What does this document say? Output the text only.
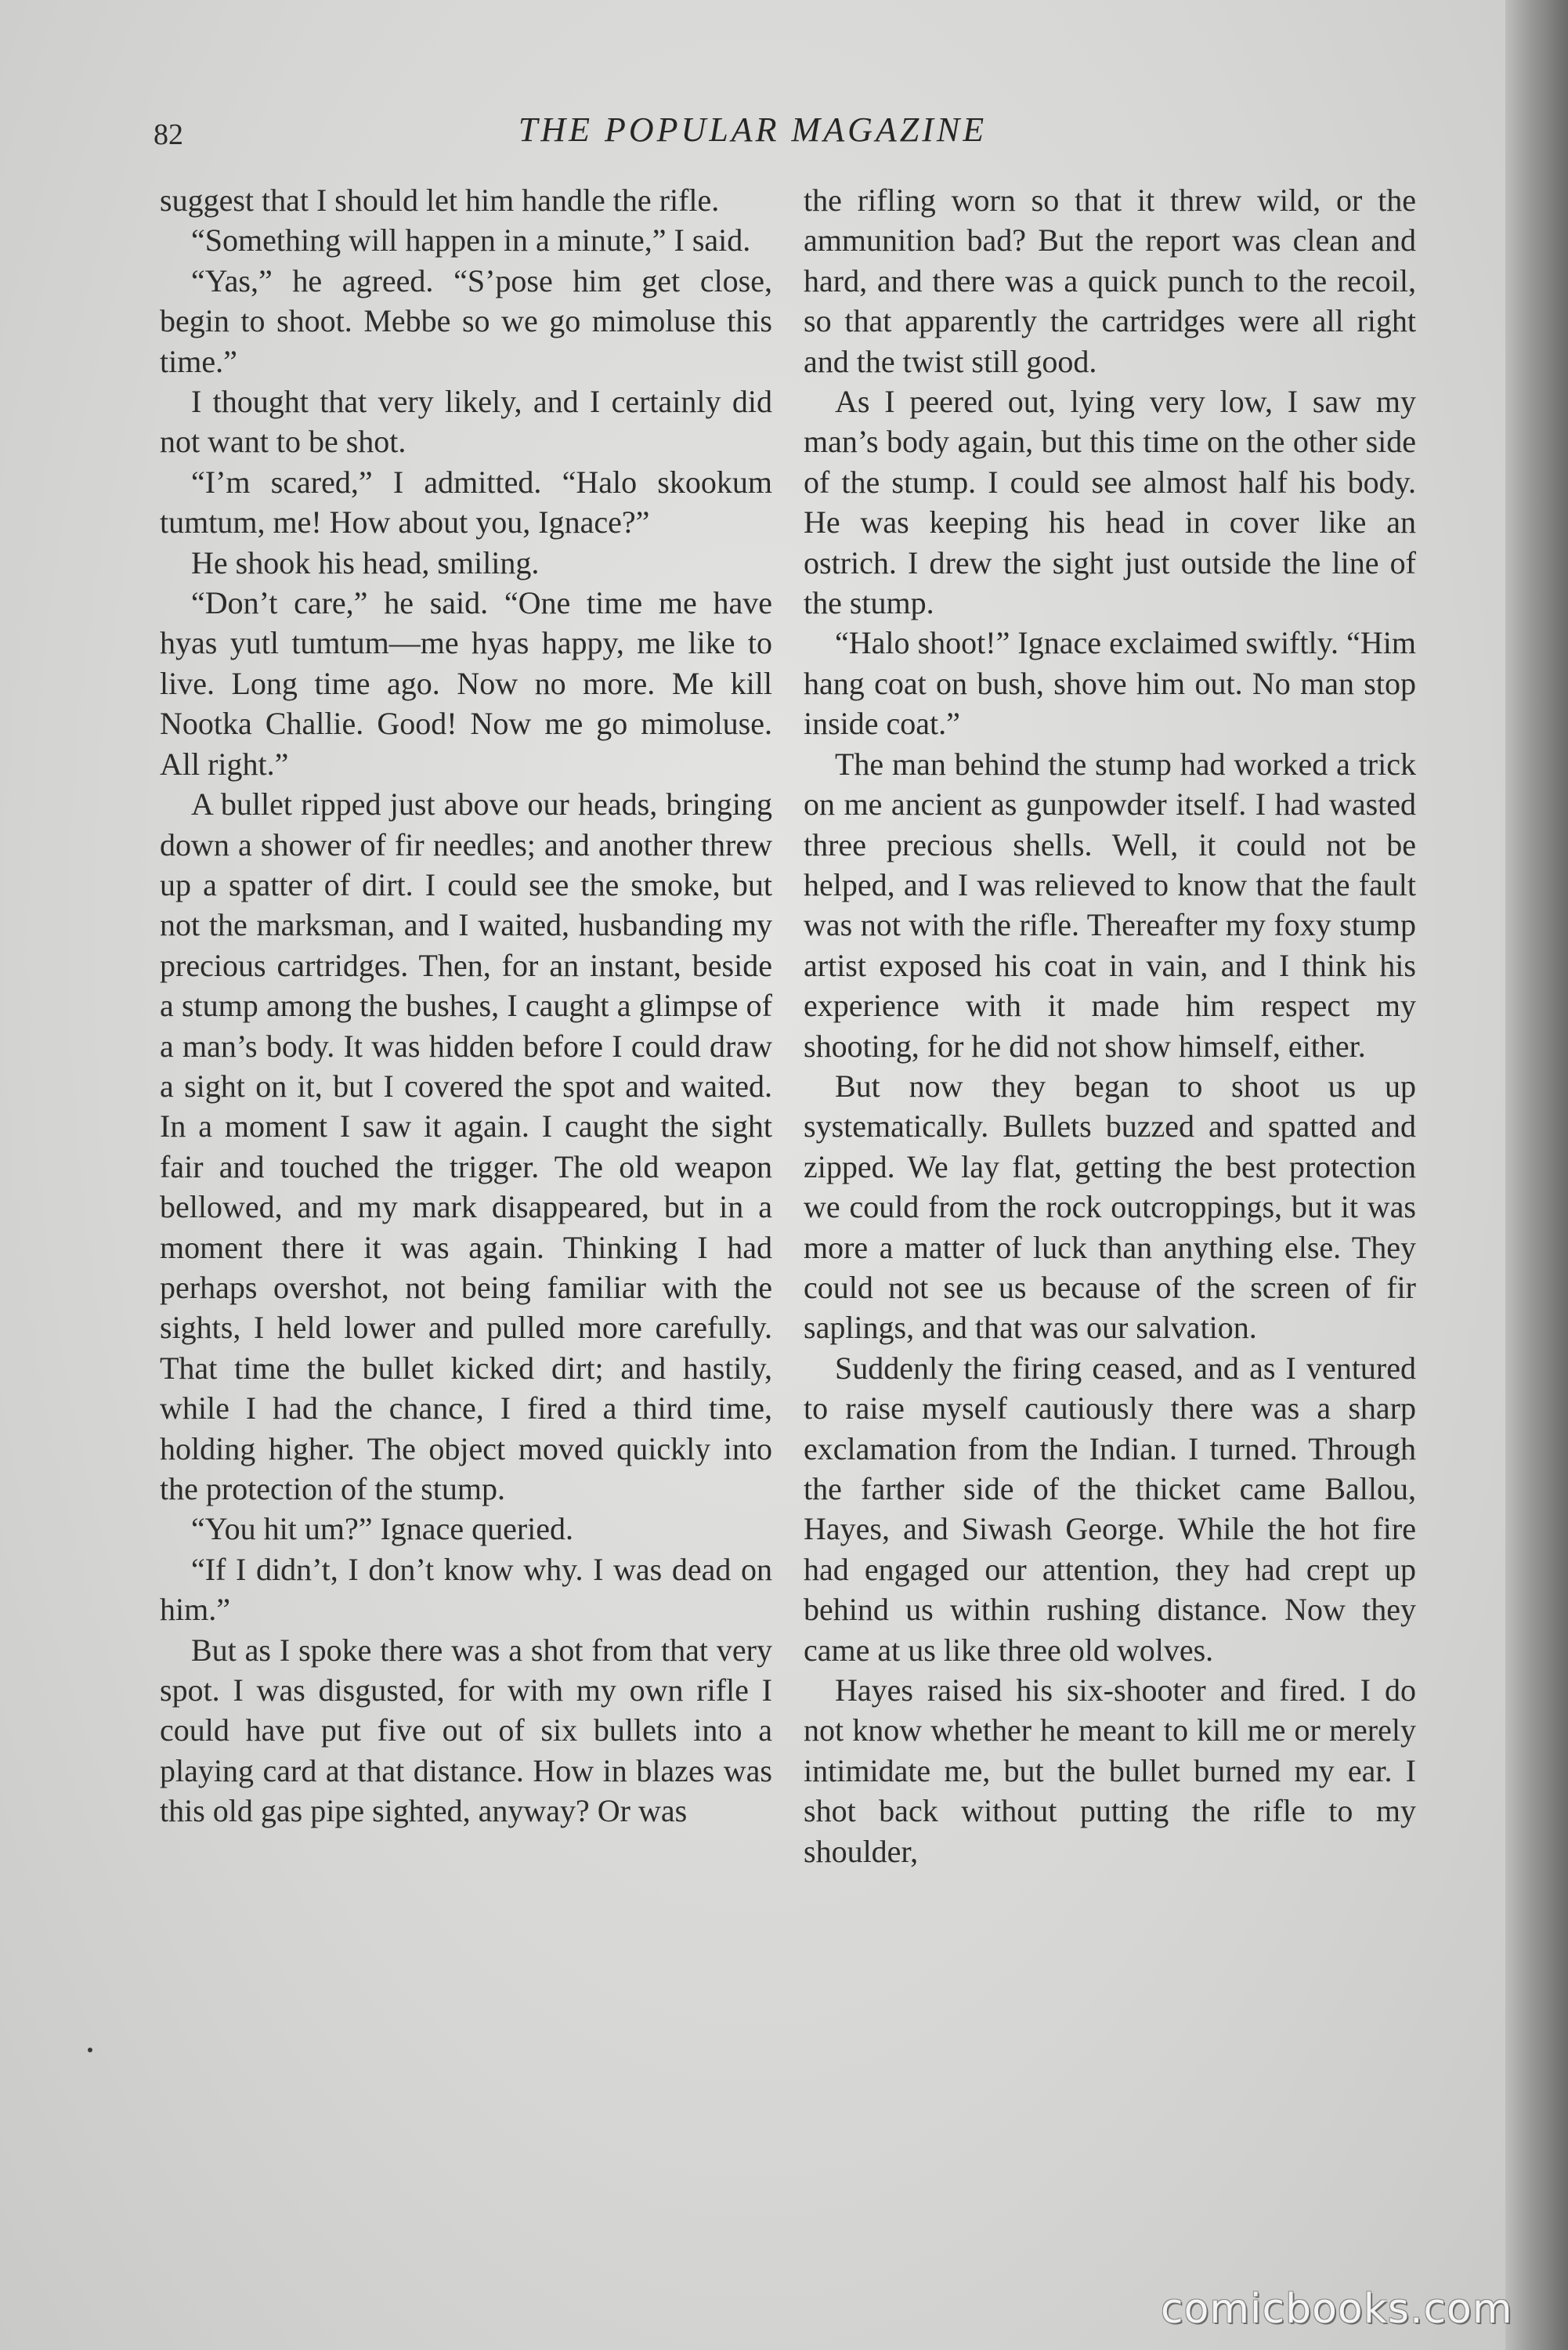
82	THE POPULAR MAGAZINE

suggest that I should let him handle the rifle.

“Something will happen in a minute,” I said.

“Yas,” he agreed. “S’pose him get close, begin to shoot. Mebbe so we go mimoluse this time.”

I thought that very likely, and I certainly did not want to be shot.

“I’m scared,” I admitted. “Halo skookum tumtum, me! How about you, Ignace?”

He shook his head, smiling.

“Don’t care,” he said. “One time me have hyas yutl tumtum—me hyas happy, me like to live. Long time ago. Now no more. Me kill Nootka Challie. Good! Now me go mimoluse. All right.”

A bullet ripped just above our heads, bringing down a shower of fir needles; and another threw up a spatter of dirt. I could see the smoke, but not the marksman, and I waited, husbanding my precious cartridges. Then, for an instant, beside a stump among the bushes, I caught a glimpse of a man’s body. It was hidden before I could draw a sight on it, but I covered the spot and waited. In a moment I saw it again. I caught the sight fair and touched the trigger. The old weapon bellowed, and my mark disappeared, but in a moment there it was again. Thinking I had perhaps overshot, not being familiar with the sights, I held lower and pulled more carefully. That time the bullet kicked dirt; and hastily, while I had the chance, I fired a third time, holding higher. The object moved quickly into the protection of the stump.

“You hit um?” Ignace queried.

“If I didn’t, I don’t know why. I was dead on him.”

But as I spoke there was a shot from that very spot. I was disgusted, for with my own rifle I could have put five out of six bullets into a playing card at that distance. How in blazes was this old gas pipe sighted, anyway? Or was

the rifling worn so that it threw wild, or the ammunition bad? But the report was clean and hard, and there was a quick punch to the recoil, so that apparently the cartridges were all right and the twist still good.

As I peered out, lying very low, I saw my man’s body again, but this time on the other side of the stump. I could see almost half his body. He was keeping his head in cover like an ostrich. I drew the sight just outside the line of the stump.

“Halo shoot!” Ignace exclaimed swiftly. “Him hang coat on bush, shove him out. No man stop inside coat.”

The man behind the stump had worked a trick on me ancient as gunpowder itself. I had wasted three precious shells. Well, it could not be helped, and I was relieved to know that the fault was not with the rifle. Thereafter my foxy stump artist exposed his coat in vain, and I think his experience with it made him respect my shooting, for he did not show himself, either.

But now they began to shoot us up systematically. Bullets buzzed and spatted and zipped. We lay flat, getting the best protection we could from the rock outcroppings, but it was more a matter of luck than anything else. They could not see us because of the screen of fir saplings, and that was our salvation.

Suddenly the firing ceased, and as I ventured to raise myself cautiously there was a sharp exclamation from the Indian. I turned. Through the farther side of the thicket came Ballou, Hayes, and Siwash George. While the hot fire had engaged our attention, they had crept up behind us within rushing distance. Now they came at us like three old wolves.

Hayes raised his six-shooter and fired. I do not know whether he meant to kill me or merely intimidate me, but the bullet burned my ear. I shot back without putting the rifle to my shoulder,

comicbooks.com
